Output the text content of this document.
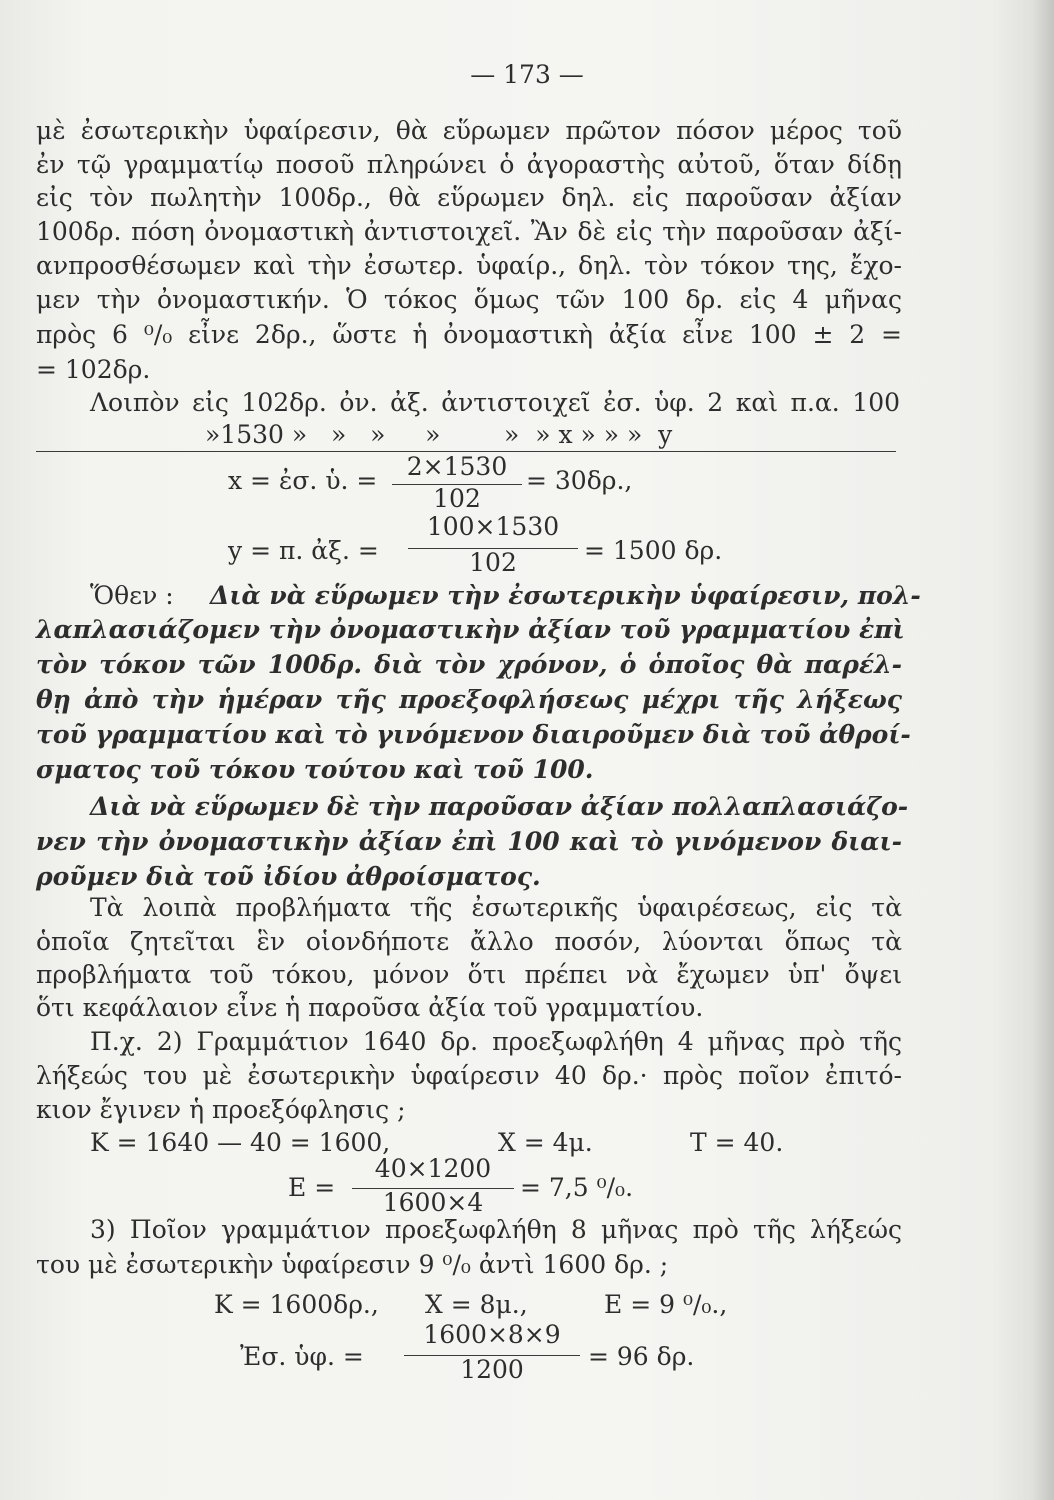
— 173 —
μὲ ἐσωτερικὴν ὑφαίρεσιν, θὰ εὕρωμεν πρῶτον πόσον μέρος τοῦ
ἐν τῷ γραμματίῳ ποσοῦ πληρώνει ὁ ἀγοραστὴς αὐτοῦ, ὅταν δίδῃ
εἰς τὸν πωλητὴν 100δρ., θὰ εὕρωμεν δηλ. εἰς παροῦσαν ἀξίαν
100δρ. πόση ὀνομαστικὴ ἀντιστοιχεῖ. Ἂν δὲ εἰς τὴν παροῦσαν ἀξί-
ανπροσθέσωμεν καὶ τὴν ἐσωτερ. ὑφαίρ., δηλ. τὸν τόκον της, ἔχο-
μεν τὴν ὀνομαστικήν. Ὁ τόκος ὅμως τῶν 100 δρ. εἰς 4 μῆνας
πρὸς 6 ⁰/₀ εἶνε 2δρ., ὥστε ἡ ὀνομαστικὴ ἀξία εἶνε 100 ± 2 =
= 102δρ.
Λοιπὸν εἰς 102δρ. ὀν. ἀξ. ἀντιστοιχεῖ ἐσ. ὑφ. 2 καὶ π.α. 100
»1530 »   »   »     »        »  » x » » »  y
x = ἐσ. ὑ. =	2×1530
102
= 30δρ.,
y = π. ἀξ. =
100×1530
102	= 1500 δρ.
Ὅθεν : Διὰ νὰ εὕρωμεν τὴν ἐσωτερικὴν ὑφαίρεσιν, πολ-
λαπλασιάζομεν τὴν ὀνομαστικὴν ἀξίαν τοῦ γραμματίου ἐπὶ
τὸν τόκον τῶν 100δρ. διὰ τὸν χρόνον, ὁ ὁποῖος θὰ παρέλ-
θῃ ἀπὸ τὴν ἡμέραν τῆς προεξοφλήσεως μέχρι τῆς λήξεως
τοῦ γραμματίου καὶ τὸ γινόμενον διαιροῦμεν διὰ τοῦ ἀθροί-
σματος τοῦ τόκου τούτου καὶ τοῦ 100.
Διὰ νὰ εὕρωμεν δὲ τὴν παροῦσαν ἀξίαν πολλαπλασιάζο-
νεν τὴν ὀνομαστικὴν ἀξίαν ἐπὶ 100 καὶ τὸ γινόμενον διαι-
ροῦμεν διὰ τοῦ ἰδίου ἀθροίσματος.
Τὰ λοιπὰ προβλήματα τῆς ἐσωτερικῆς ὑφαιρέσεως, εἰς τὰ
ὁποῖα ζητεῖται ἓν οἱονδήποτε ἄλλο ποσόν, λύονται ὅπως τὰ
προβλήματα τοῦ τόκου, μόνον ὅτι πρέπει νὰ ἔχωμεν ὑπ' ὄψει
ὅτι κεφάλαιον εἶνε ἡ παροῦσα ἀξία τοῦ γραμματίου.
Π.χ. 2) Γραμμάτιον 1640 δρ. προεξωφλήθη 4 μῆνας πρὸ τῆς
λήξεώς του μὲ ἐσωτερικὴν ὑφαίρεσιν 40 δρ.· πρὸς ποῖον ἐπιτό-
κιον ἔγινεν ἡ προεξόφλησις ;
K = 1640 — 40 = 1600,	X = 4μ.	T = 40.
E =
40×1200
1600×4
= 7,5 ⁰/₀.
3) Ποῖον γραμμάτιον προεξωφλήθη 8 μῆνας πρὸ τῆς λήξεώς
του μὲ ἐσωτερικὴν ὑφαίρεσιν 9 ⁰/₀ ἀντὶ 1600 δρ. ;
K = 1600δρ., X = 8μ.,	E = 9 ⁰/₀.,
Ἐσ. ὑφ. =
1600×8×9
1200	= 96 δρ.
